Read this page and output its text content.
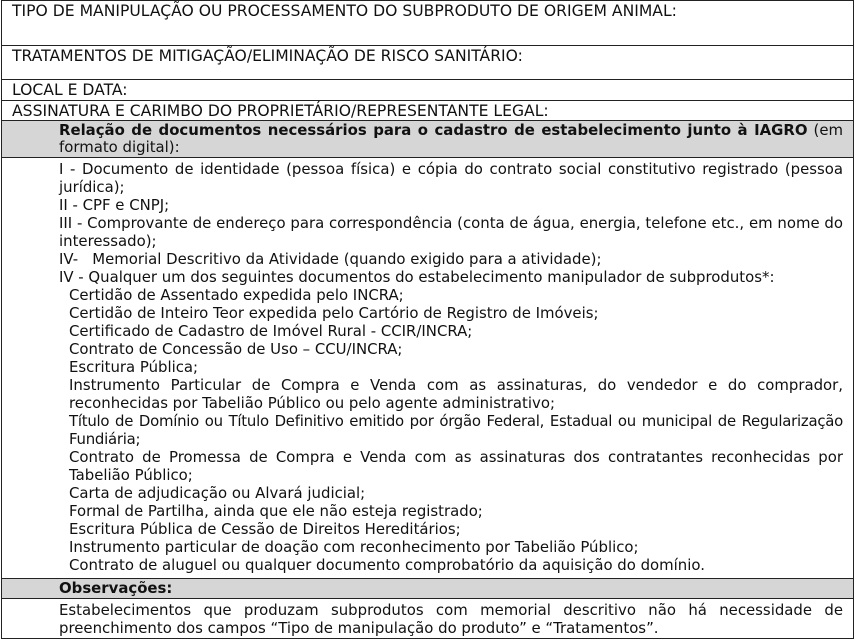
TIPO DE MANIPULAÇÃO OU PROCESSAMENTO DO SUBPRODUTO DE ORIGEM ANIMAL:
TRATAMENTOS DE MITIGAÇÃO/ELIMINAÇÃO DE RISCO SANITÁRIO:
LOCAL E DATA:
ASSINATURA E CARIMBO DO PROPRIETÁRIO/REPRESENTANTE LEGAL:
Relação de documentos necessários para o cadastro de estabelecimento junto à IAGRO (em formato digital):

I - Documento de identidade (pessoa física) e cópia do contrato social constitutivo registrado (pessoa jurídica);

II - CPF e CNPJ;

III - Comprovante de endereço para correspondência (conta de água, energia, telefone etc., em nome do interessado);

IV-   Memorial Descritivo da Atividade (quando exigido para a atividade);

IV - Qualquer um dos seguintes documentos do estabelecimento manipulador de subprodutos*:

Certidão de Assentado expedida pelo INCRA;
Certidão de Inteiro Teor expedida pelo Cartório de Registro de Imóveis;
Certificado de Cadastro de Imóvel Rural - CCIR/INCRA;
Contrato de Concessão de Uso – CCU/INCRA;
Escritura Pública;
Instrumento Particular de Compra e Venda com as assinaturas, do vendedor e do comprador, reconhecidas por Tabelião Público ou pelo agente administrativo;
Título de Domínio ou Título Definitivo emitido por órgão Federal, Estadual ou municipal de Regularização Fundiária;
Contrato de Promessa de Compra e Venda com as assinaturas dos contratantes reconhecidas por Tabelião Público;
Carta de adjudicação ou Alvará judicial;
Formal de Partilha, ainda que ele não esteja registrado;
Escritura Pública de Cessão de Direitos Hereditários;
Instrumento particular de doação com reconhecimento por Tabelião Público;
Contrato de aluguel ou qualquer documento comprobatório da aquisição do domínio.

Observações:
Estabelecimentos que produzam subprodutos com memorial descritivo não há necessidade de preenchimento dos campos “Tipo de manipulação do produto” e “Tratamentos”.
